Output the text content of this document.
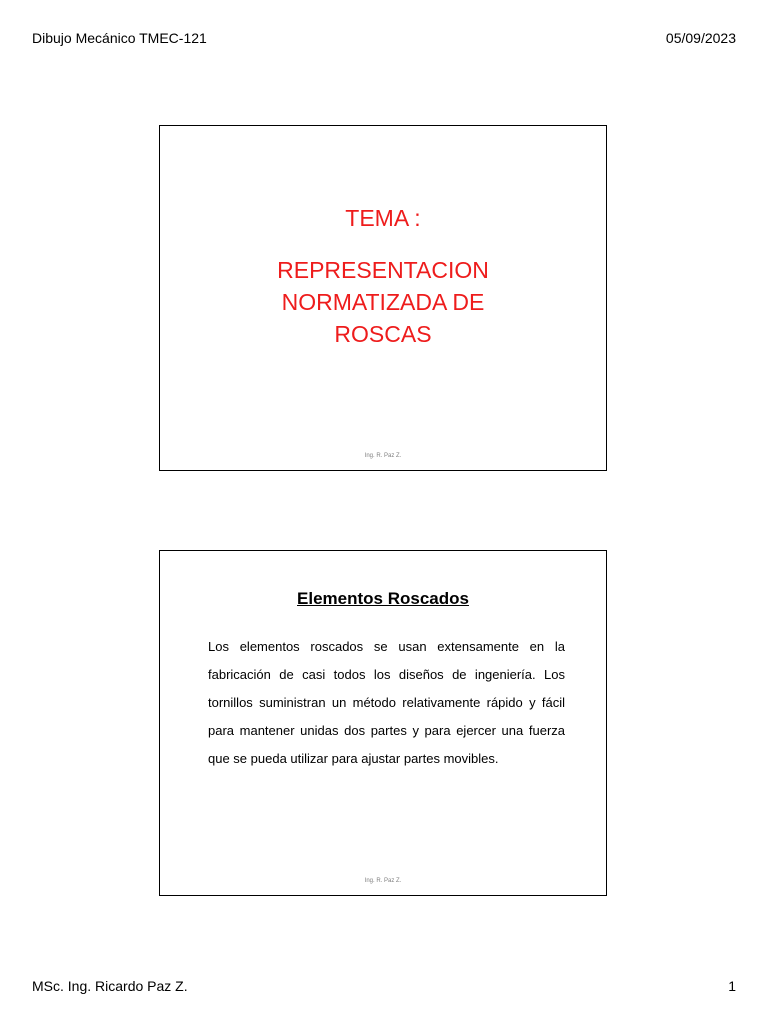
Dibujo Mecánico TMEC-121	05/09/2023
TEMA :
REPRESENTACION
NORMATIZADA DE
ROSCAS
Ing. R. Paz Z.
Elementos Roscados
Los elementos roscados se usan extensamente en la fabricación de casi todos los diseños de ingeniería. Los tornillos suministran un método relativamente rápido y fácil para mantener unidas dos partes y para ejercer una fuerza que se pueda utilizar para ajustar partes movibles.
Ing. R. Paz Z.
MSc. Ing. Ricardo Paz Z.	1
